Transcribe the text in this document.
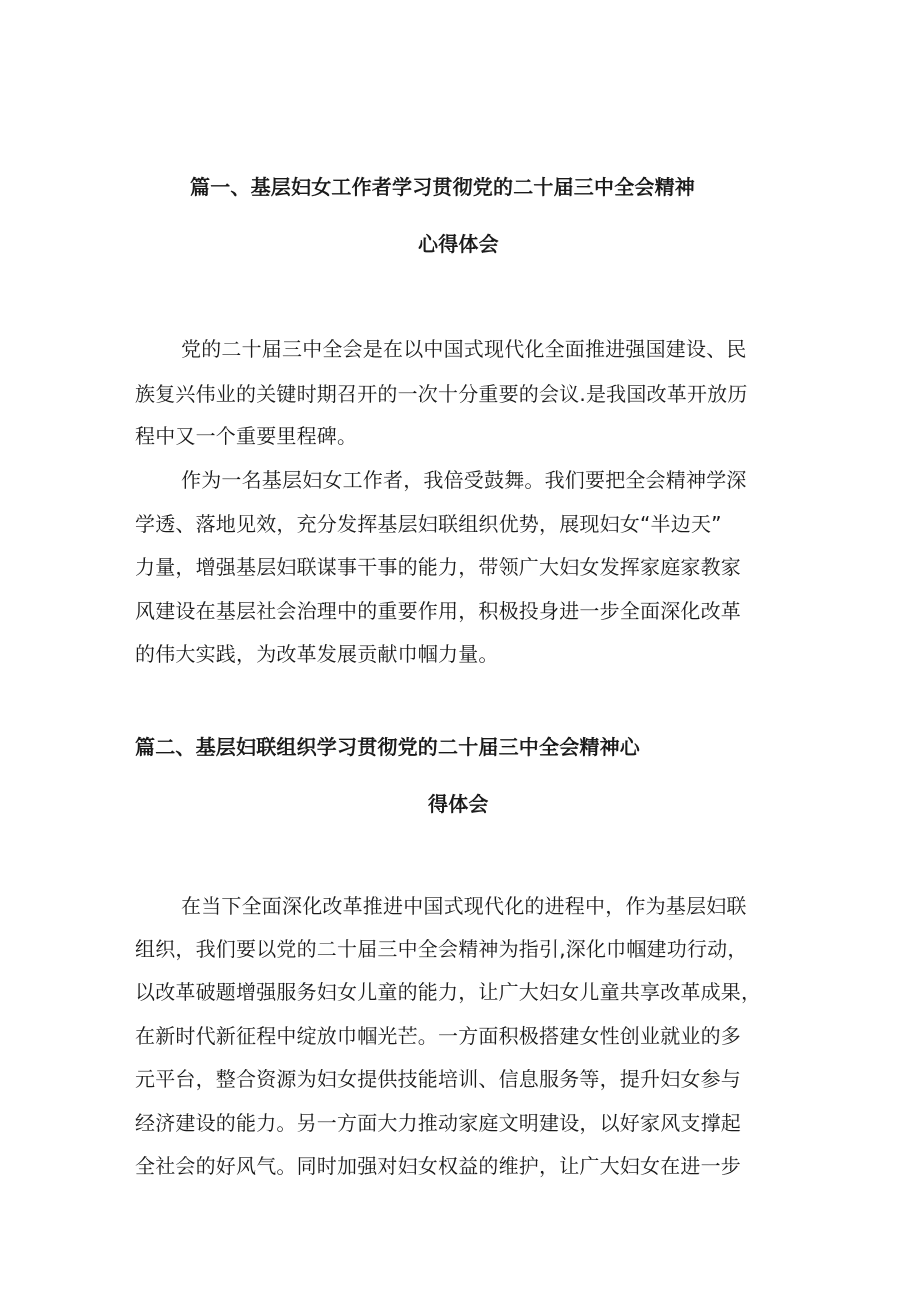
篇一、基层妇女工作者学习贯彻党的二十届三中全会精神
心得体会
党的二十届三中全会是在以中国式现代化全面推进强国建设、民
族复兴伟业的关键时期召开的一次十分重要的会议.是我国改革开放历
程中又一个重要里程碑。
作为一名基层妇女工作者，我倍受鼓舞。我们要把全会精神学深
学透、落地见效，充分发挥基层妇联组织优势，展现妇女“半边天”
力量，增强基层妇联谋事干事的能力，带领广大妇女发挥家庭家教家
风建设在基层社会治理中的重要作用，积极投身进一步全面深化改革
的伟大实践，为改革发展贡献巾帼力量。
篇二、基层妇联组织学习贯彻党的二十届三中全会精神心
得体会
在当下全面深化改革推进中国式现代化的进程中，作为基层妇联
组织，我们要以党的二十届三中全会精神为指引,深化巾帼建功行动，
以改革破题增强服务妇女儿童的能力，让广大妇女儿童共享改革成果，
在新时代新征程中绽放巾帼光芒。一方面积极搭建女性创业就业的多
元平台，整合资源为妇女提供技能培训、信息服务等，提升妇女参与
经济建设的能力。另一方面大力推动家庭文明建设，以好家风支撑起
全社会的好风气。同时加强对妇女权益的维护，让广大妇女在进一步
